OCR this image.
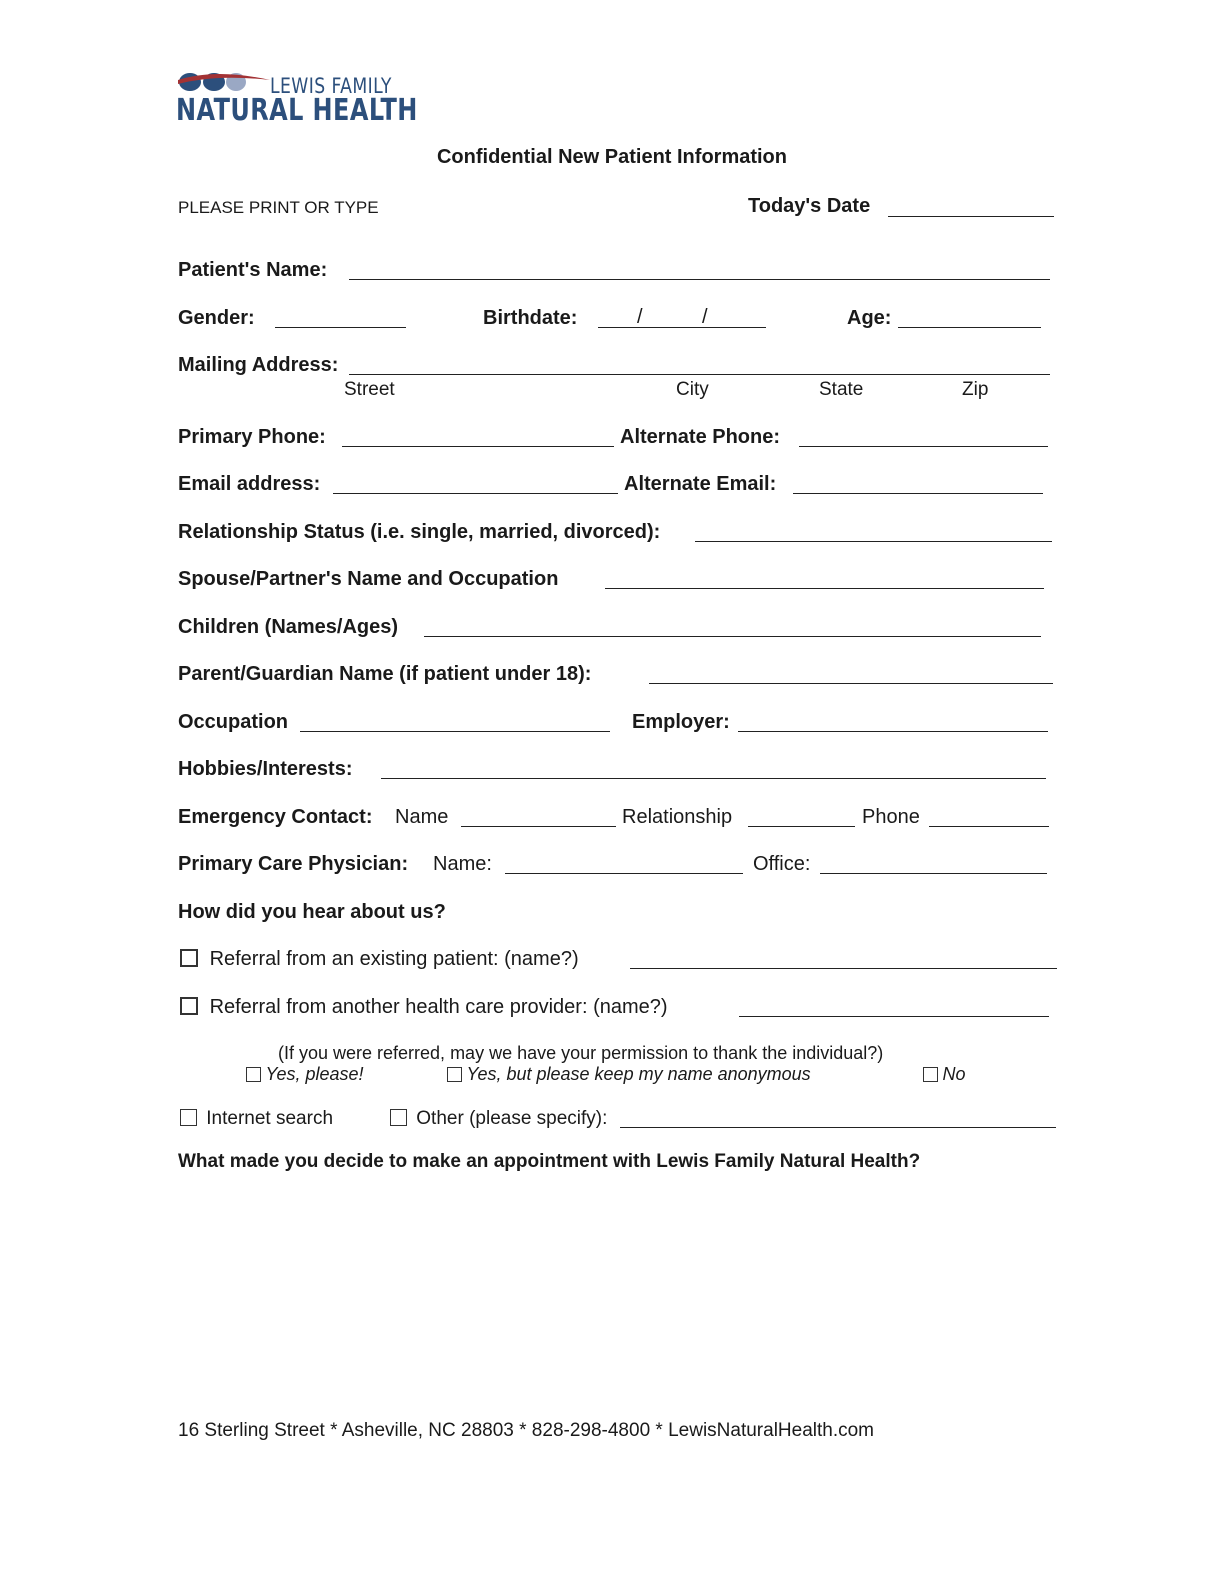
LEWIS FAMILY
NATURAL HEALTH
Confidential New Patient Information
PLEASE PRINT OR TYPE	Today's Date
Patient's Name:
Gender:	Birthdate:	/	/	Age:
Mailing Address:
Street	City	State	Zip
Primary Phone:	Alternate Phone:
Email address:	Alternate Email:
Relationship Status (i.e. single, married, divorced):
Spouse/Partner's Name and Occupation
Children (Names/Ages)
Parent/Guardian Name (if patient under 18):
Occupation	Employer:
Hobbies/Interests:
Emergency Contact: Name	Relationship	Phone
Primary Care Physician: Name:	Office:
How did you hear about us?
Referral from an existing patient: (name?)
Referral from another health care provider: (name?)
(If you were referred, may we have your permission to thank the individual?)
Yes, please!	Yes, but please keep my name anonymous	No
Internet search	Other (please specify):
What made you decide to make an appointment with Lewis Family Natural Health?
16 Sterling Street * Asheville, NC 28803 * 828-298-4800 * LewisNaturalHealth.com
